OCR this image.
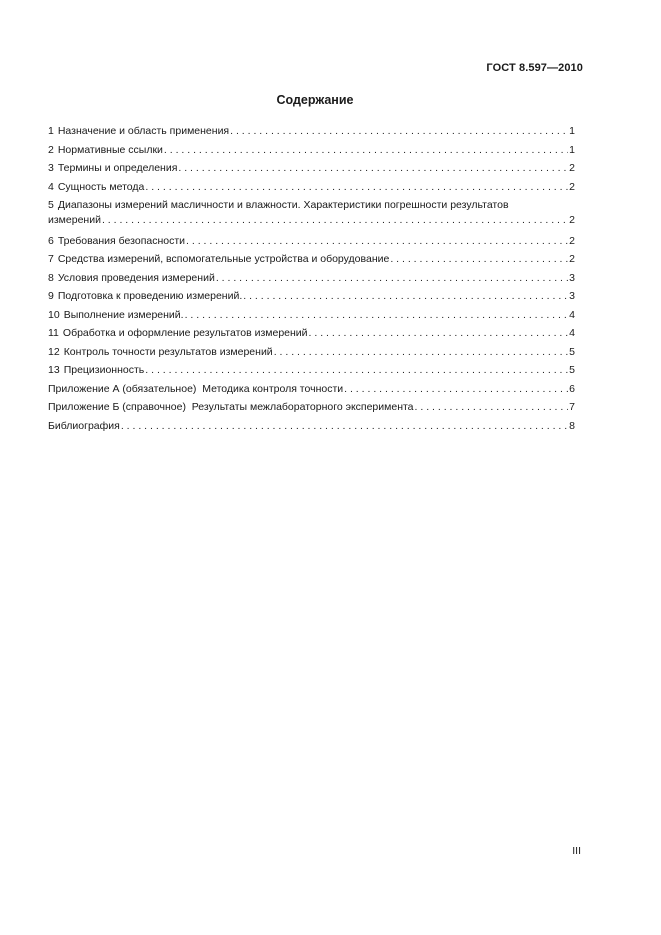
ГОСТ 8.597—2010
Содержание
1 Назначение и область применения . . .	1
2 Нормативные ссылки . . .	1
3 Термины и определения . . .	2
4 Сущность метода . . .	2
5 Диапазоны измерений масличности и влажности. Характеристики погрешности результатов
измерений . . .	2
6 Требования безопасности . . .	2
7 Средства измерений, вспомогательные устройства и оборудование . . .	2
8 Условия проведения измерений . . .	3
9 Подготовка к проведению измерений. . . .	3
10 Выполнение измерений. . . .	4
11 Обработка и оформление результатов измерений . . .	4
12 Контроль точности результатов измерений . . .	5
13 Прецизионность . . .	5
Приложение А (обязательное)  Методика контроля точности . . .	6
Приложение Б (справочное)  Результаты межлабораторного эксперимента . . .	7
Библиография . . .	8
III
